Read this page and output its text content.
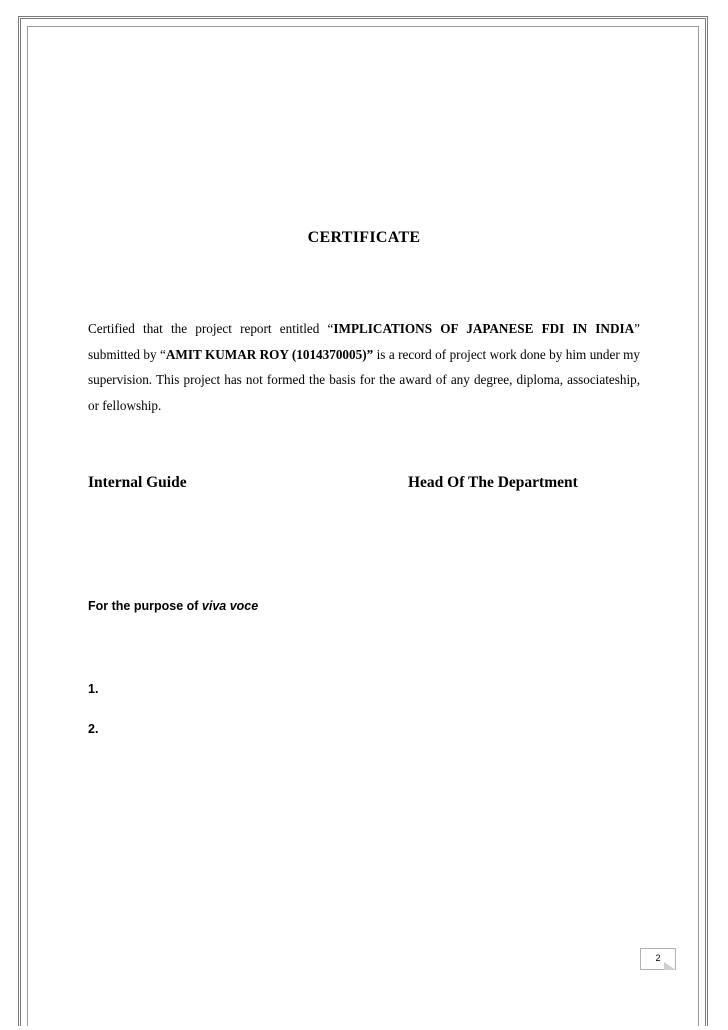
CERTIFICATE
Certified that the project report entitled “IMPLICATIONS OF JAPANESE FDI IN INDIA” submitted by “AMIT KUMAR ROY (1014370005)” is a record of project work done by him under my supervision. This project has not formed the basis for the award of any degree, diploma, associateship, or fellowship.
Internal Guide	Head Of The Department
For the purpose of viva voce
1.
2.
2
